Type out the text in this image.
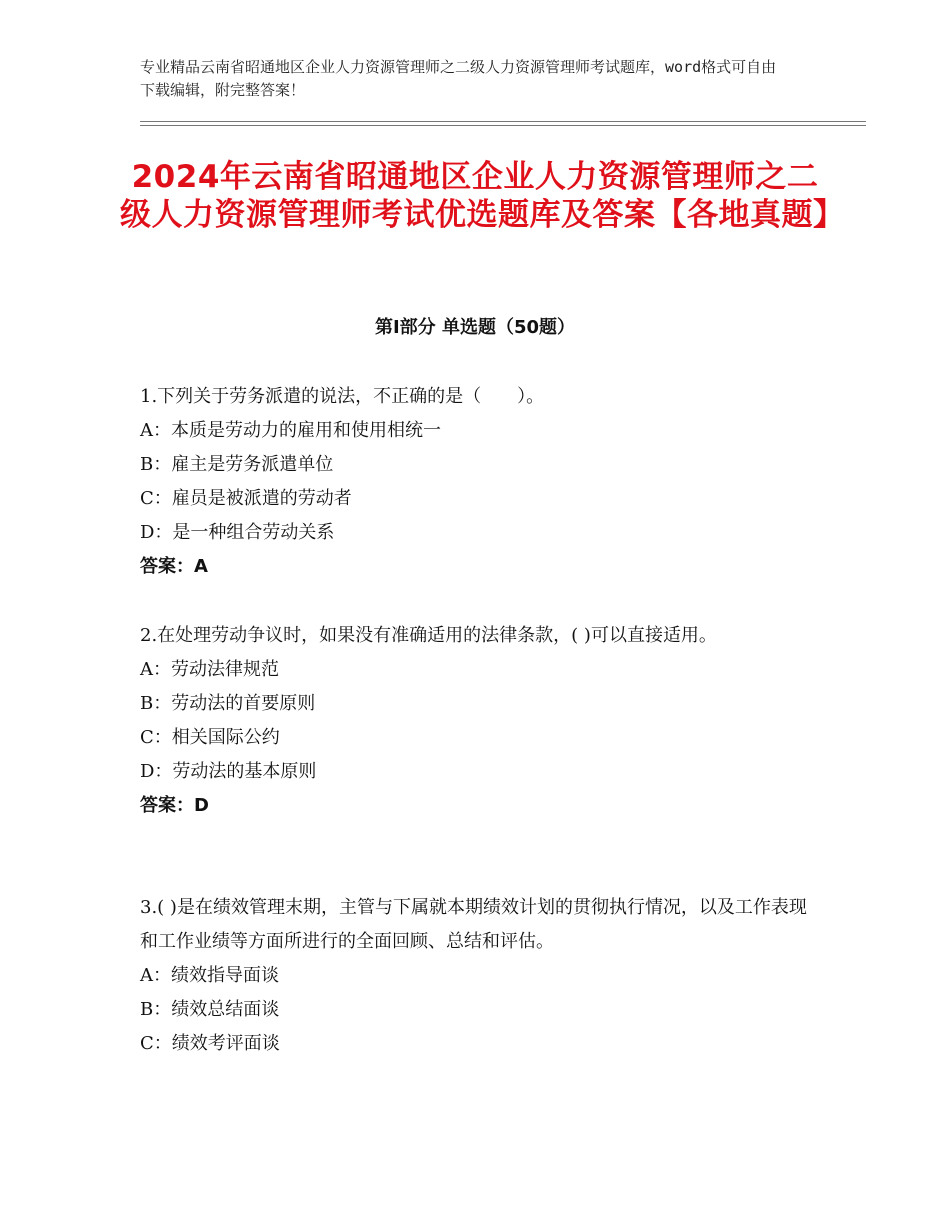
专业精品云南省昭通地区企业人力资源管理师之二级人力资源管理师考试题库，word格式可自由下载编辑，附完整答案！
2024年云南省昭通地区企业人力资源管理师之二级人力资源管理师考试优选题库及答案【各地真题】
第Ⅰ部分 单选题（50题）

1.下列关于劳务派遣的说法，不正确的是（　　）。

A：本质是劳动力的雇用和使用相统一

B：雇主是劳务派遣单位

C：雇员是被派遣的劳动者

D：是一种组合劳动关系

答案：A

2.在处理劳动争议时，如果没有准确适用的法律条款，( )可以直接适用。

A：劳动法律规范

B：劳动法的首要原则

C：相关国际公约

D：劳动法的基本原则

答案：D

3.( )是在绩效管理末期，主管与下属就本期绩效计划的贯彻执行情况，以及工作表现和工作业绩等方面所进行的全面回顾、总结和评估。

A：绩效指导面谈

B：绩效总结面谈

C：绩效考评面谈
